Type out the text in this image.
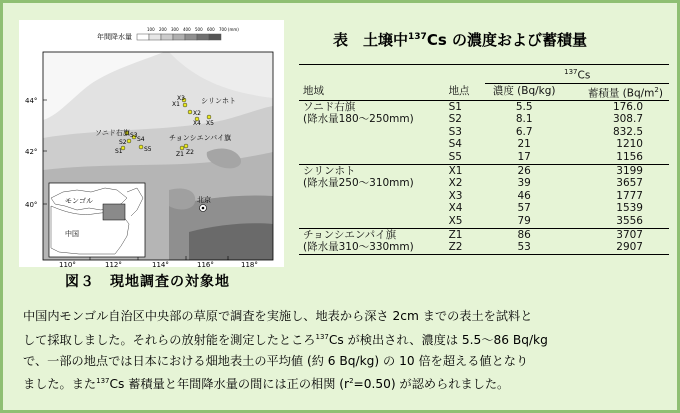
年間降水量
100 200 300 400 500 600 700 (mm)
44°
42°
40°
110°	112°	114°	116°	118°
X3
X1
X2
X4 X5
S1
S2
S3
S4
S5
Z1 Z2
シリンホト
ソニド右旗
チョンシエンパイ旗
北京
モンゴル
中国
図３　現地調査の対象地
表　土壌中$^{137}$Cs の濃度および蓄積量
		$^{137}$Cs	
地域	地点	濃度 (Bq/kg)	蓄積量 $(Bq/m^2)$
ソニド右旗	S1	5.5	176.0
(降水量180～250mm)	S2	8.1	308.7
	S3	6.7	832.5
	S4	21	1210
	S5	17	1156
シリンホト	X1	26	3199
(降水量250～310mm)	X2	39	3657
	X3	46	1777
	X4	57	1539
	X5	79	3556
チョンシエンパイ旗	Z1	86	3707
(降水量310～330mm)	Z2	53	2907
中国内モンゴル自治区中央部の草原で調査を実施し、地表から深さ 2cm までの表土を試料と
して採取しました。それらの放射能を測定したところ$^{137}$Cs が検出され、濃度は 5.5～86 Bq/kg
で、一部の地点では日本における畑地表土の平均値 (約 6 Bq/kg) の 10 倍を超える値となり
ました。また$^{137}$Cs 蓄積量と年間降水量の間には正の相関 $(r^2=0.50)$ が認められました。
